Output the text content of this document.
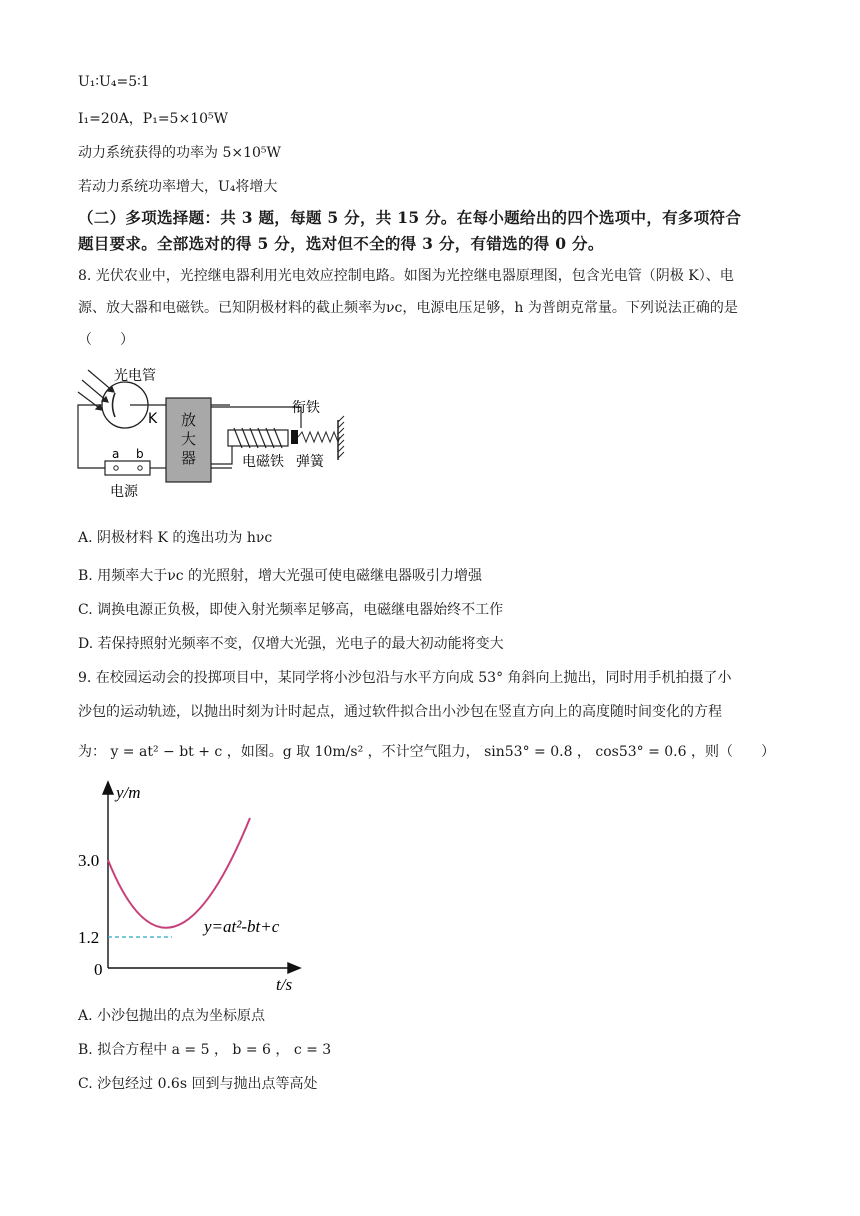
U₁∶U₄=5∶1
I₁=20A，P₁=5×10⁵W
动力系统获得的功率为 5×10⁵W
若动力系统功率增大，U₄将增大
（二）多项选择题：共 3 题，每题 5 分，共 15 分。在每小题给出的四个选项中，有多项符合
题目要求。全部选对的得 5 分，选对但不全的得 3 分，有错选的得 0 分。
8. 光伏农业中，光控继电器利用光电效应控制电路。如图为光控继电器原理图，包含光电管（阴极 K）、电
源、放大器和电磁铁。已知阴极材料的截止频率为νc，电源电压足够，h 为普朗克常量。下列说法正确的是
（　　）
光电管
K 放
大
器
a b
电源
电磁铁
衔铁
弹簧
A. 阴极材料 K 的逸出功为 hνc
B. 用频率大于νc 的光照射，增大光强可使电磁继电器吸引力增强
C. 调换电源正负极，即使入射光频率足够高，电磁继电器始终不工作
D. 若保持照射光频率不变，仅增大光强，光电子的最大初动能将变大
9. 在校园运动会的投掷项目中，某同学将小沙包沿与水平方向成 53° 角斜向上抛出，同时用手机拍摄了小
沙包的运动轨迹，以抛出时刻为计时起点，通过软件拟合出小沙包在竖直方向上的高度随时间变化的方程
为： y = at² − bt + c ，如图。g 取 10m/s² ，不计空气阻力， sin53° = 0.8 ， cos53° = 0.6 ，则（　　）
y/m
t/s
3.0
1.2
0
y=at²-bt+c
A. 小沙包抛出的点为坐标原点
B. 拟合方程中 a = 5 ， b = 6 ， c = 3
C. 沙包经过 0.6s 回到与抛出点等高处
